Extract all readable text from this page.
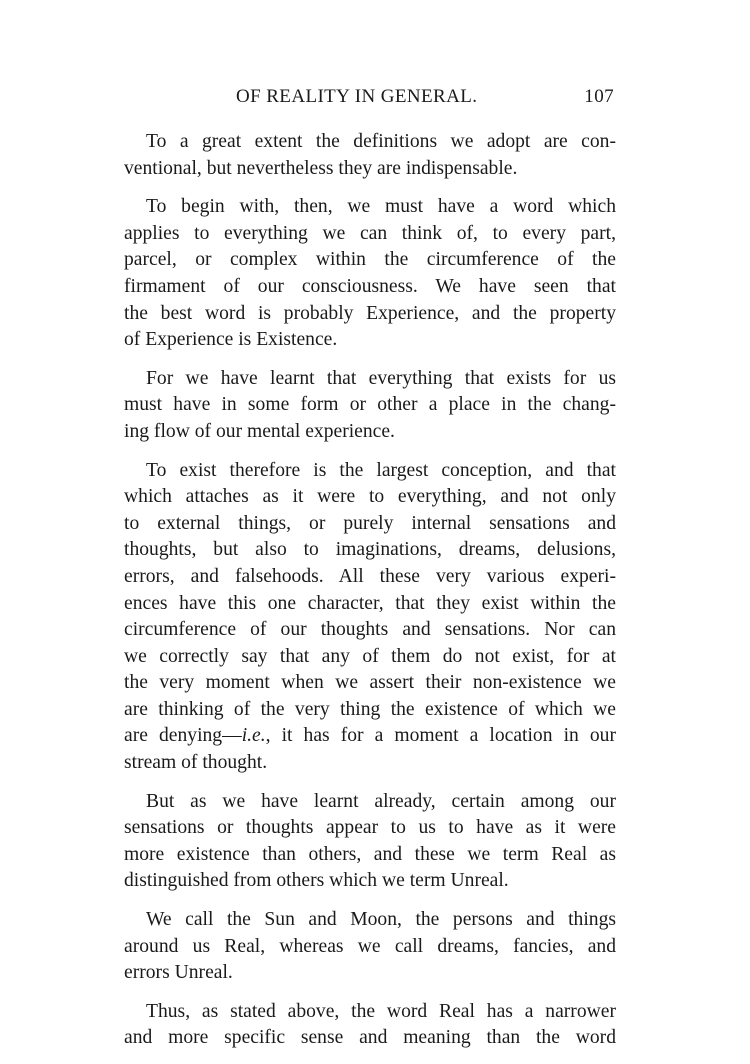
OF REALITY IN GENERAL.	107
To a great extent the definitions we adopt are con-
ventional, but nevertheless they are indispensable.
To begin with, then, we must have a word which
applies to everything we can think of, to every part,
parcel, or complex within the circumference of the
firmament of our consciousness. We have seen that
the best word is probably Experience, and the property
of Experience is Existence.
For we have learnt that everything that exists for us
must have in some form or other a place in the chang-
ing flow of our mental experience.
To exist therefore is the largest conception, and that
which attaches as it were to everything, and not only
to external things, or purely internal sensations and
thoughts, but also to imaginations, dreams, delusions,
errors, and falsehoods. All these very various experi-
ences have this one character, that they exist within the
circumference of our thoughts and sensations. Nor can
we correctly say that any of them do not exist, for at
the very moment when we assert their non-existence we
are thinking of the very thing the existence of which we
are denying—i.e., it has for a moment a location in our
stream of thought.
But as we have learnt already, certain among our
sensations or thoughts appear to us to have as it were
more existence than others, and these we term Real as
distinguished from others which we term Unreal.
We call the Sun and Moon, the persons and things
around us Real, whereas we call dreams, fancies, and
errors Unreal.
Thus, as stated above, the word Real has a narrower
and more specific sense and meaning than the word
